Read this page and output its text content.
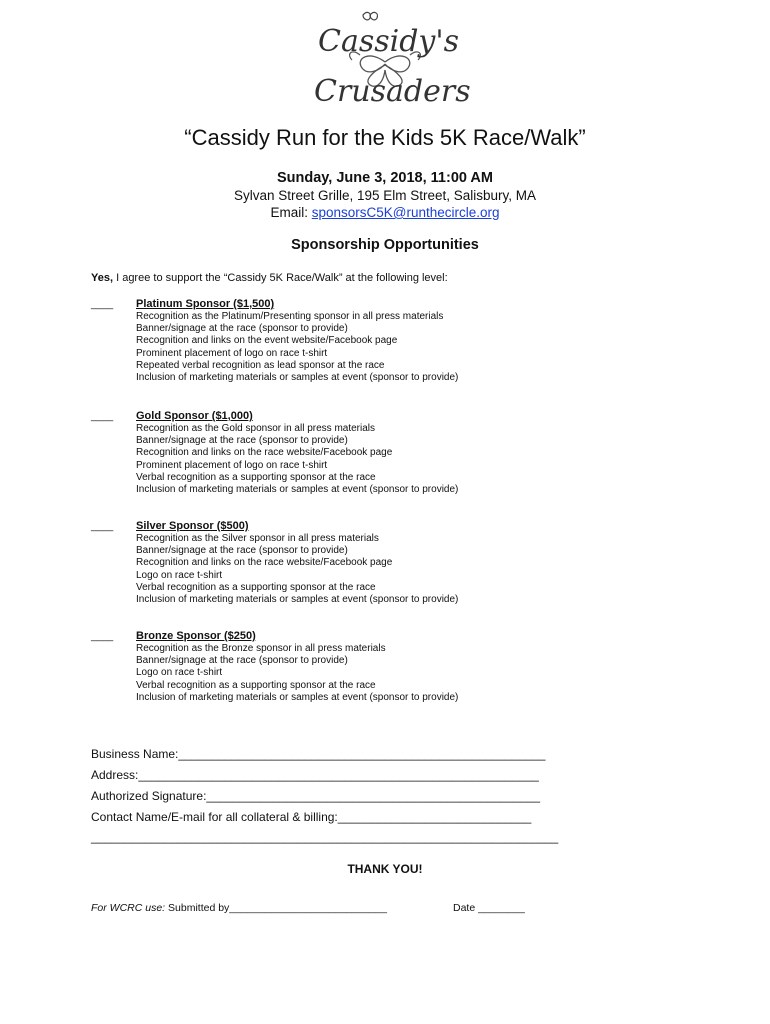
Cassidy's
Crusaders
“Cassidy Run for the Kids 5K Race/Walk”
Sunday, June 3, 2018, 11:00 AM
Sylvan Street Grille, 195 Elm Street, Salisbury, MA
Email: sponsorsC5K@runthecircle.org
Sponsorship Opportunities
Yes, I agree to support the “Cassidy 5K Race/Walk” at the following level:
____ Platinum Sponsor ($1,500)
Recognition as the Platinum/Presenting sponsor in all press materials
Banner/signage at the race (sponsor to provide)
Recognition and links on the event website/Facebook page
Prominent placement of logo on race t-shirt
Repeated verbal recognition as lead sponsor at the race
Inclusion of marketing materials or samples at event (sponsor to provide)
____ Gold Sponsor ($1,000)
Recognition as the Gold sponsor in all press materials
Banner/signage at the race (sponsor to provide)
Recognition and links on the race website/Facebook page
Prominent placement of logo on race t-shirt
Verbal recognition as a supporting sponsor at the race
Inclusion of marketing materials or samples at event (sponsor to provide)
____ Silver Sponsor ($500)
Recognition as the Silver sponsor in all press materials
Banner/signage at the race (sponsor to provide)
Recognition and links on the race website/Facebook page
Logo on race t-shirt
Verbal recognition as a supporting sponsor at the race
Inclusion of marketing materials or samples at event (sponsor to provide)
____ Bronze Sponsor ($250)
Recognition as the Bronze sponsor in all press materials
Banner/signage at the race (sponsor to provide)
Logo on race t-shirt
Verbal recognition as a supporting sponsor at the race
Inclusion of marketing materials or samples at event (sponsor to provide)
Business Name:_______________________________________________________
Address:____________________________________________________________
Authorized Signature:__________________________________________________
Contact Name/E-mail for all collateral & billing:_____________________________
______________________________________________________________________
THANK YOU!
For WCRC use: Submitted by___________________________	Date ________
